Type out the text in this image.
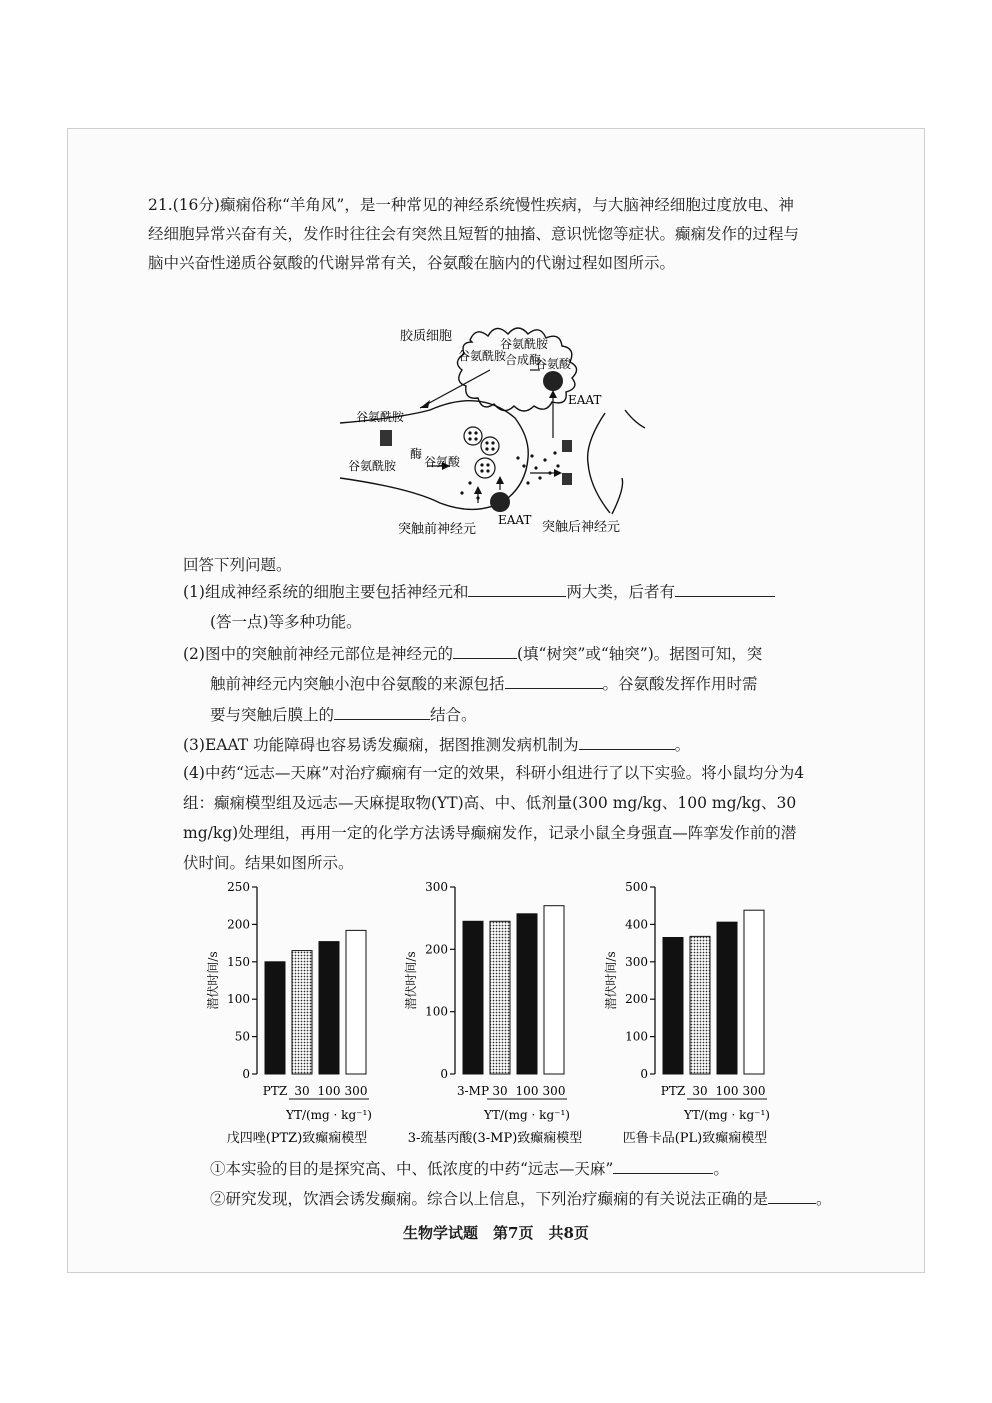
21.(16分)癫痫俗称“羊角风”，是一种常见的神经系统慢性疾病，与大脑神经细胞过度放电、神经细胞异常兴奋有关，发作时往往会有突然且短暂的抽搐、意识恍惚等症状。癫痫发作的过程与脑中兴奋性递质谷氨酸的代谢异常有关，谷氨酸在脑内的代谢过程如图所示。
胶质细胞	谷氨酰胺
谷氨酰胺
合成酶
谷氨酸
EAAT
谷氨酰胺
酶
谷氨酰胺 谷氨酸
EAAT
突触前神经元	突触后神经元
回答下列问题。
(1)组成神经系统的细胞主要包括神经元和	两大类，后者有
(答一点)等多种功能。
(2)图中的突触前神经元部位是神经元的	(填“树突”或“轴突”)。据图可知，突
触前神经元内突触小泡中谷氨酸的来源包括	。谷氨酸发挥作用时需
要与突触后膜上的	结合。
(3)EAAT 功能障碍也容易诱发癫痫，据图推测发病机制为	。
(4)中药“远志—天麻”对治疗癫痫有一定的效果，科研小组进行了以下实验。将小鼠均分为4组：癫痫模型组及远志—天麻提取物(YT)高、中、低剂量(300 mg/kg、100 mg/kg、30 mg/kg)处理组，再用一定的化学方法诱导癫痫发作，记录小鼠全身强直—阵挛发作前的潜伏时间。结果如图所示。
0
50
100
150
200
250
PTZ 30 100 300
YT/(mg · kg⁻¹)
潜伏时间/s
戊四唑(PTZ)致癫痫模型
0
100
200
300
3-MP 30 100 300
YT/(mg · kg⁻¹)
潜伏时间/s
3-巯基丙酸(3-MP)致癫痫模型
0
100
200
300
400
500
PTZ 30 100 300
YT/(mg · kg⁻¹)
潜伏时间/s
匹鲁卡品(PL)致癫痫模型
①本实验的目的是探究高、中、低浓度的中药“远志—天麻”	。
②研究发现，饮酒会诱发癫痫。综合以上信息，下列治疗癫痫的有关说法正确的是	。
生物学试题　第7页　共8页
